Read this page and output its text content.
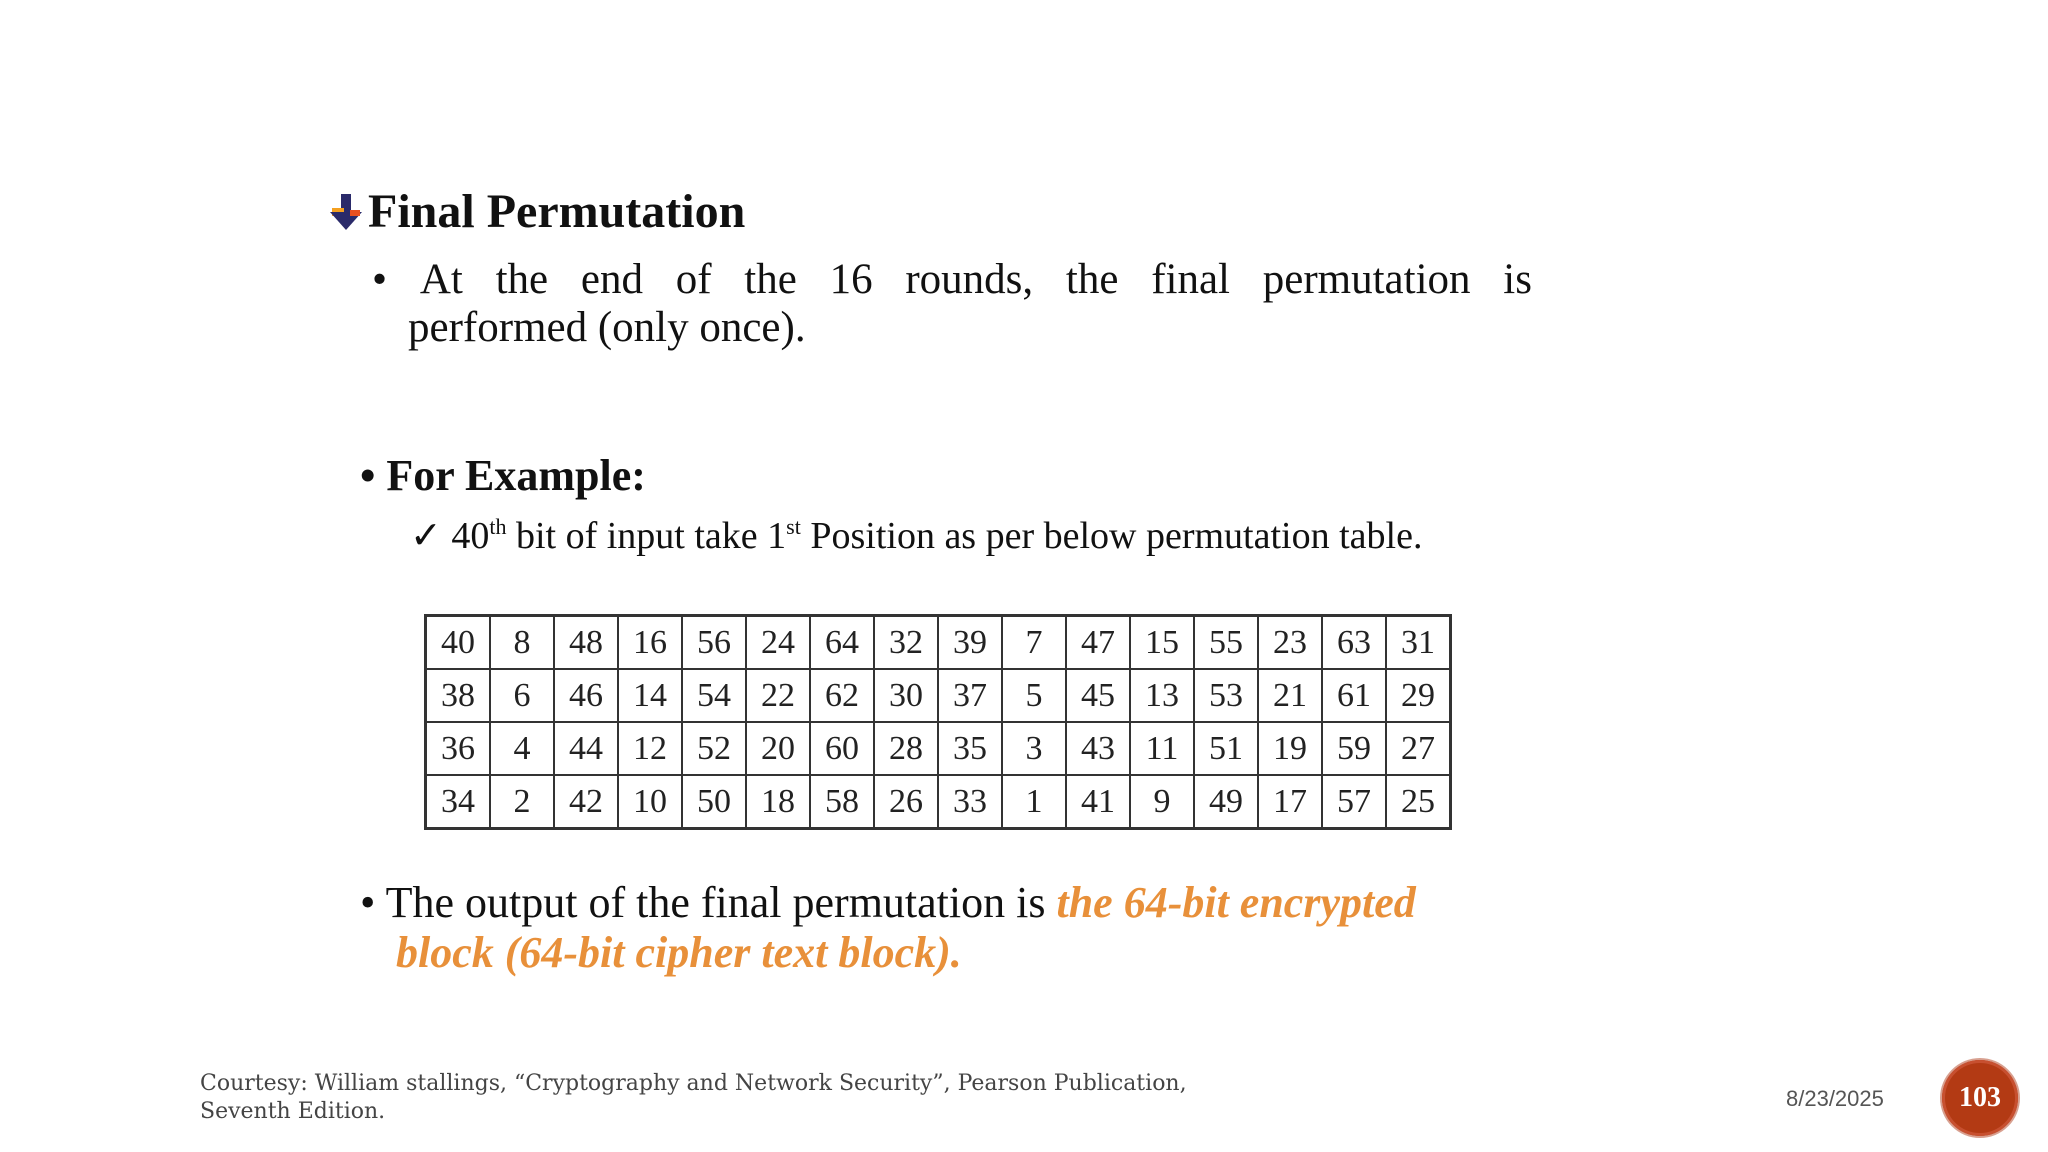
Final Permutation
• At the end of the 16 rounds, the final permutation is
performed (only once).
• For Example:
✓ 40th bit of input take 1st Position as per below permutation table.
40	8	48	16	56	24	64	32	39	7	47	15	55	23	63	31
38	6	46	14	54	22	62	30	37	5	45	13	53	21	61	29
36	4	44	12	52	20	60	28	35	3	43	11	51	19	59	27
34	2	42	10	50	18	58	26	33	1	41	9	49	17	57	25
• The output of the final permutation is the 64-bit encrypted
block (64-bit cipher text block).
Courtesy: William stallings, “Cryptography and Network Security”, Pearson Publication,
Seventh Edition.
8/23/2025	103
